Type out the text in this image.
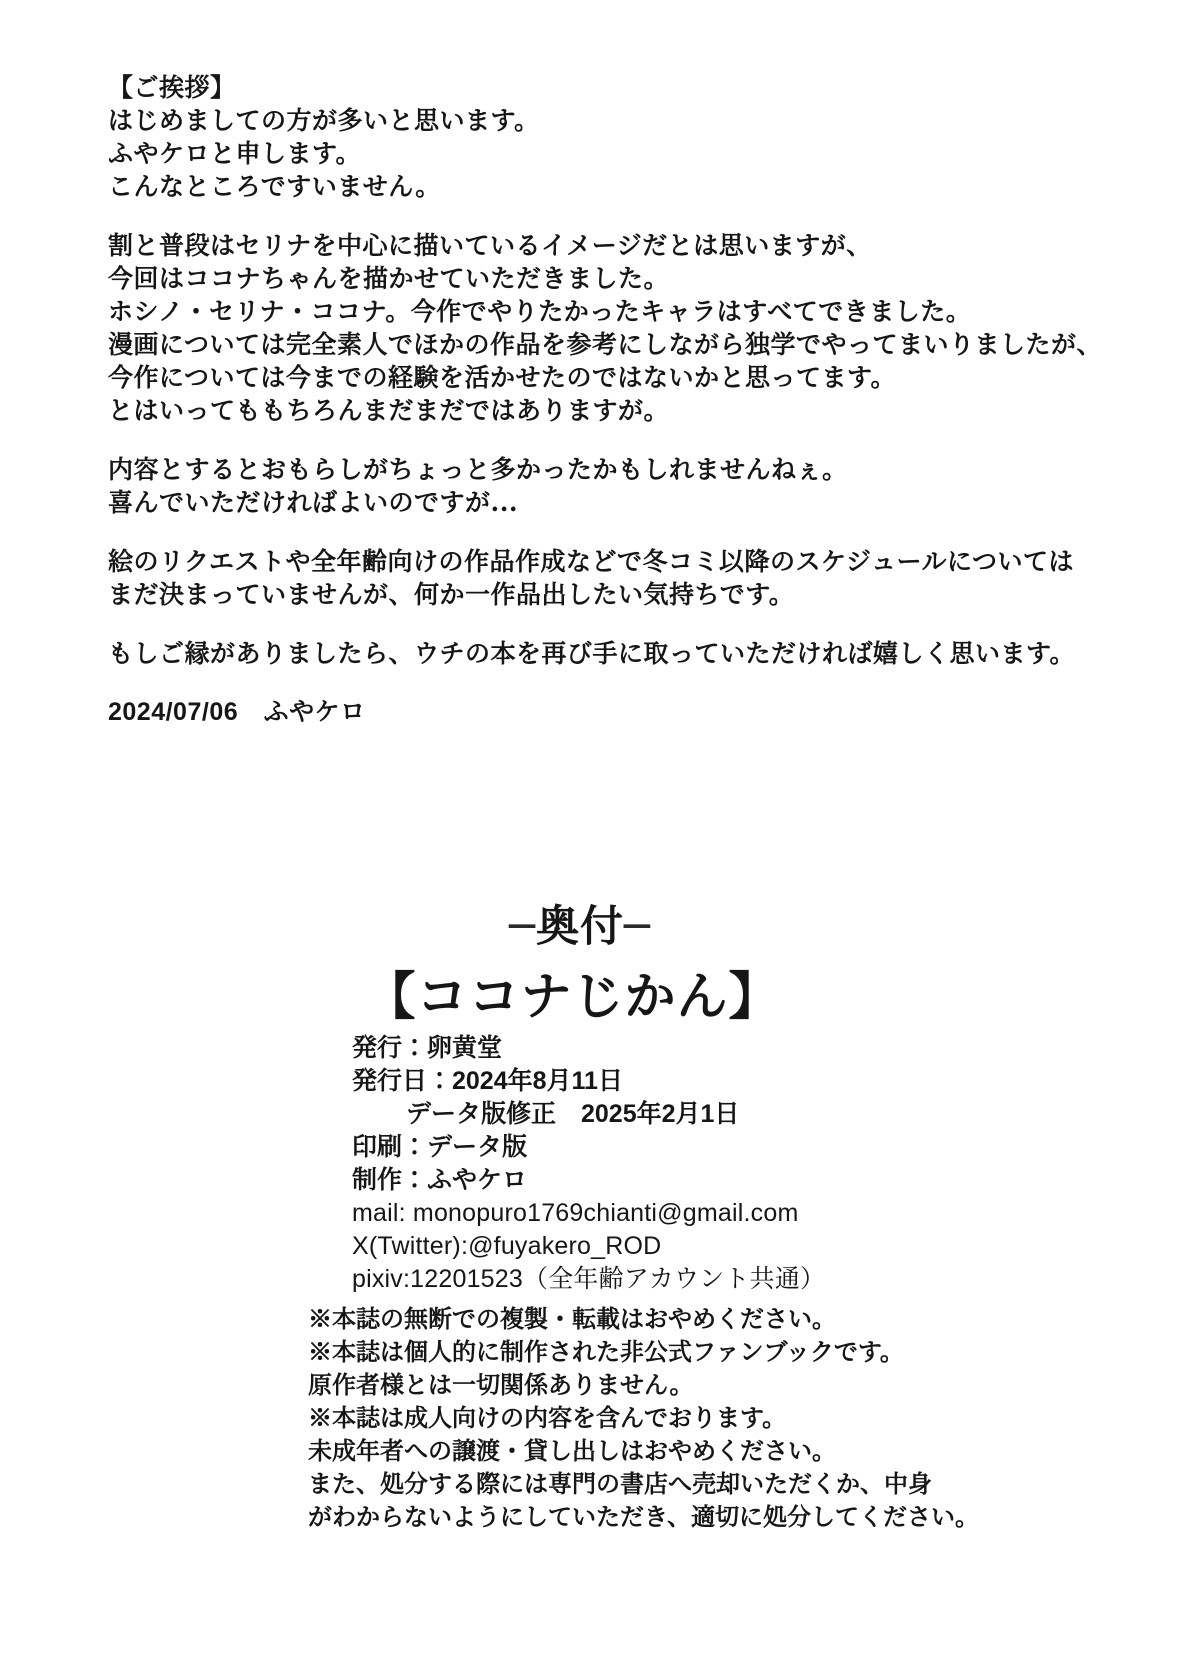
【ご挨拶】
はじめましての方が多いと思います。
ふやケロと申します。
こんなところですいません。
割と普段はセリナを中心に描いているイメージだとは思いますが、
今回はココナちゃんを描かせていただきました。
ホシノ・セリナ・ココナ。今作でやりたかったキャラはすべてできました。
漫画については完全素人でほかの作品を参考にしながら独学でやってまいりましたが、
今作については今までの経験を活かせたのではないかと思ってます。
とはいってももちろんまだまだではありますが。
内容とするとおもらしがちょっと多かったかもしれませんねぇ。
喜んでいただければよいのですが...
絵のリクエストや全年齢向けの作品作成などで冬コミ以降のスケジュールについては
まだ決まっていませんが、何か一作品出したい気持ちです。
もしご縁がありましたら、ウチの本を再び手に取っていただければ嬉しく思います。
2024/07/06　ふやケロ
─奥付─
【ココナじかん】
発行：卵黄堂
発行日：2024年8月11日
データ版修正　2025年2月1日
印刷：データ版
制作：ふやケロ
mail: monopuro1769chianti@gmail.com
X(Twitter):@fuyakero_ROD
pixiv:12201523（全年齢アカウント共通）
※本誌の無断での複製・転載はおやめください。
※本誌は個人的に制作された非公式ファンブックです。
原作者様とは一切関係ありません。
※本誌は成人向けの内容を含んでおります。
未成年者への譲渡・貸し出しはおやめください。
また、処分する際には専門の書店へ売却いただくか、中身
がわからないようにしていただき、適切に処分してください。
